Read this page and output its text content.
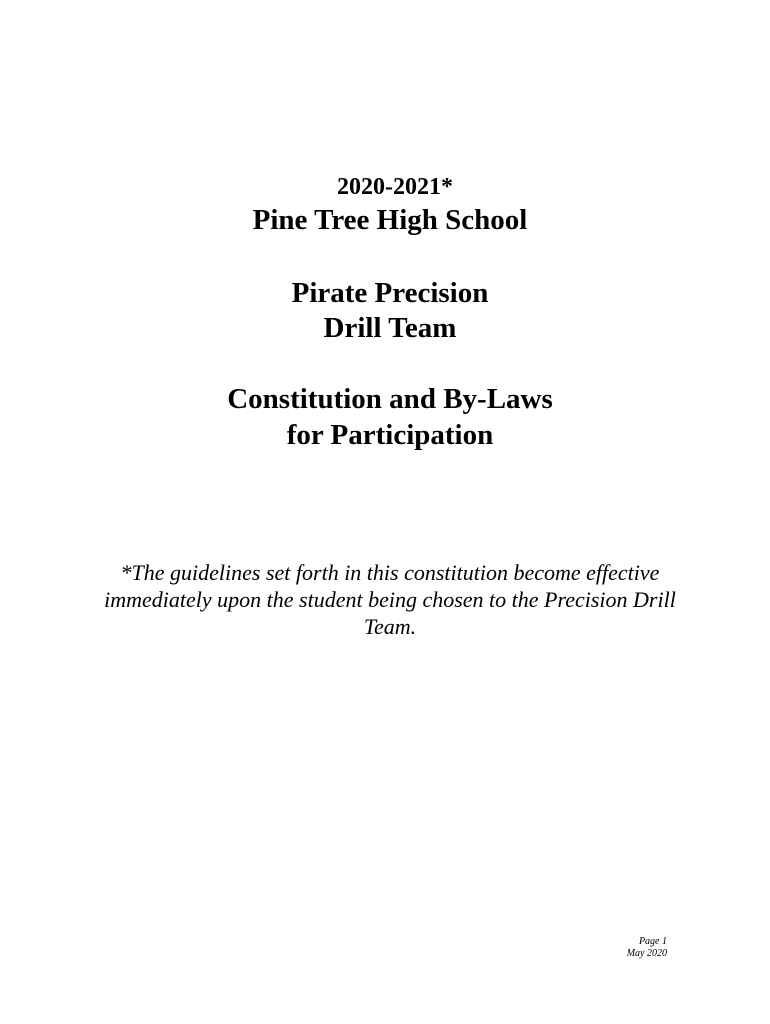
2020-2021*
Pine Tree High School
Pirate Precision
Drill Team
Constitution and By-Laws
for Participation
*The guidelines set forth in this constitution become effective immediately upon the student being chosen to the Precision Drill Team.
Page 1
May 2020
